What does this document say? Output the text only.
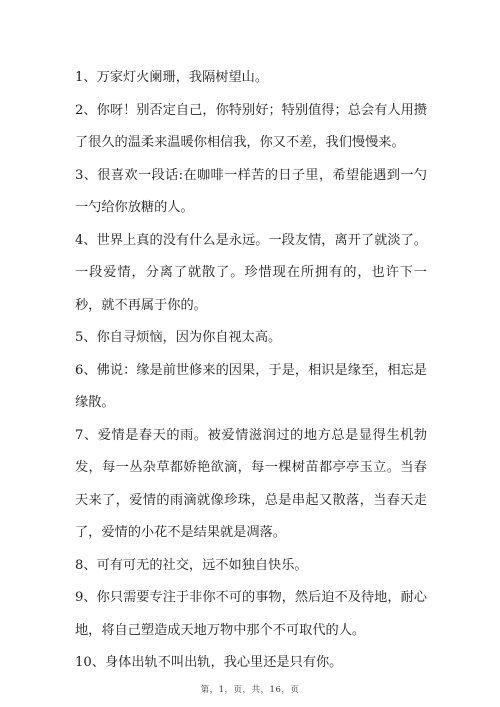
1、万家灯火阑珊，我隔树望山。

2、你呀！别否定自己，你特别好；特别值得；总会有人用攒了很久的温柔来温暖你相信我，你又不差，我们慢慢来。

3、很喜欢一段话:在咖啡一样苦的日子里，希望能遇到一勺一勺给你放糖的人。

4、世界上真的没有什么是永远。一段友情，离开了就淡了。一段爱情，分离了就散了。珍惜现在所拥有的，也许下一秒，就不再属于你的。

5、你自寻烦恼，因为你自视太高。

6、佛说：缘是前世修来的因果，于是，相识是缘至，相忘是缘散。

7、爱情是春天的雨。被爱情滋润过的地方总是显得生机勃发，每一丛杂草都娇艳欲滴，每一棵树苗都亭亭玉立。当春天来了，爱情的雨滴就像珍珠，总是串起又散落，当春天走了，爱情的小花不是结果就是凋落。

8、可有可无的社交，远不如独自快乐。

9、你只需要专注于非你不可的事物，然后迫不及待地，耐心地，将自己塑造成天地万物中那个不可取代的人。

10、身体出轨不叫出轨，我心里还是只有你。

第，1，页，共，16，页
